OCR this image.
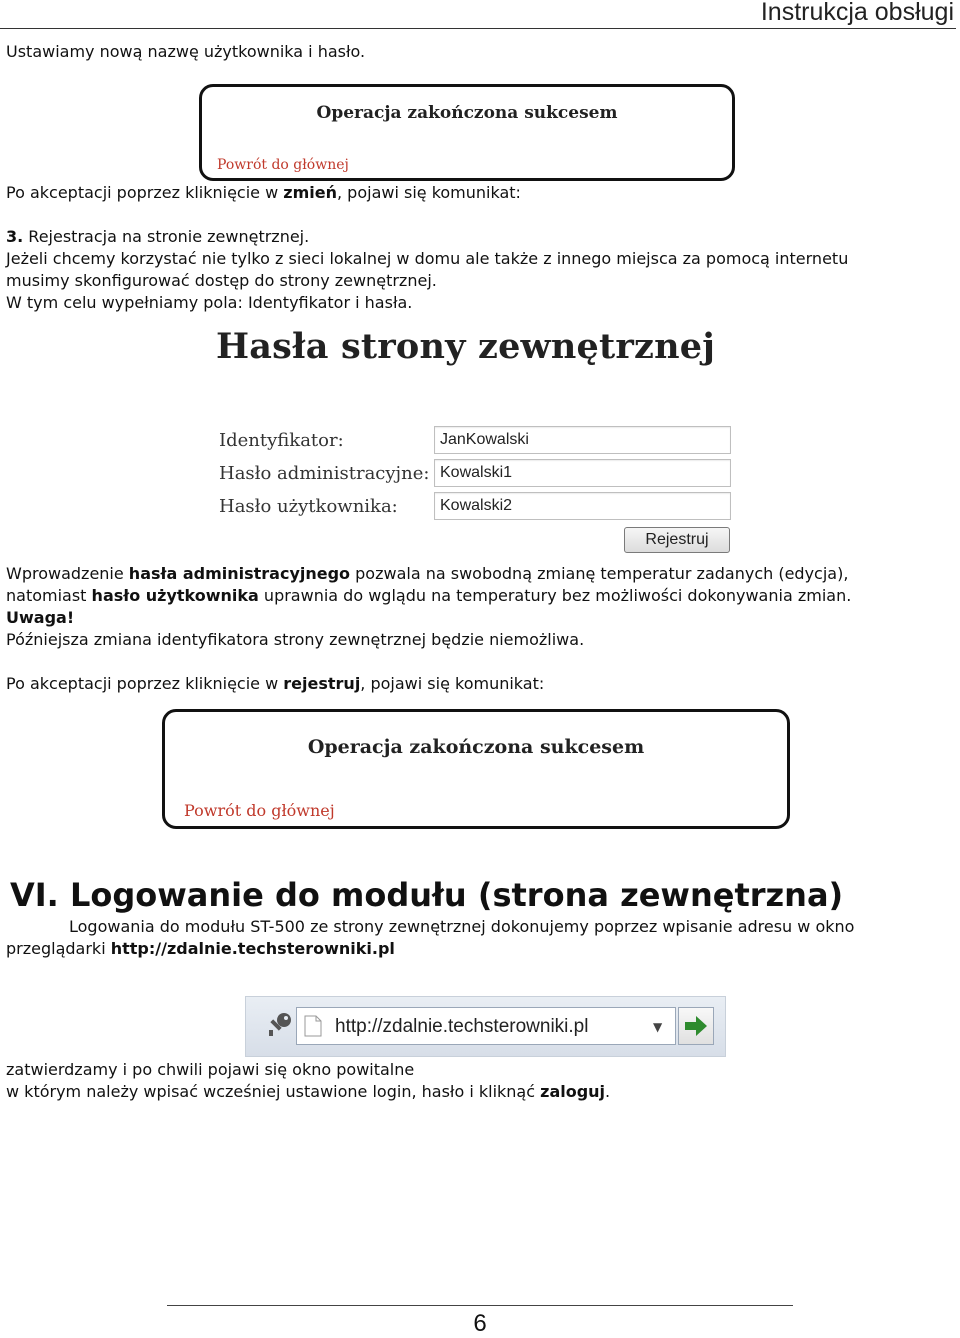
Instrukcja obsługi
Ustawiamy nową nazwę użytkownika i hasło.
Operacja zakończona sukcesem
Powrót do głównej
Po akceptacji poprzez kliknięcie w zmień, pojawi się komunikat:
3. Rejestracja na stronie zewnętrznej.
Jeżeli chcemy korzystać nie tylko z sieci lokalnej w domu ale także z innego miejsca za pomocą internetu
musimy skonfigurować dostęp do strony zewnętrznej.
W tym celu wypełniamy pola: Identyfikator i hasła.
Hasła strony zewnętrznej
Identyfikator:	JanKowalski
Hasło administracyjne: Kowalski1
Hasło użytkownika:	Kowalski2
Rejestruj
Wprowadzenie hasła administracyjnego pozwala na swobodną zmianę temperatur zadanych (edycja),
natomiast hasło użytkownika uprawnia do wglądu na temperatury bez możliwości dokonywania zmian.
Uwaga!
Późniejsza zmiana identyfikatora strony zewnętrznej będzie niemożliwa.
Po akceptacji poprzez kliknięcie w rejestruj, pojawi się komunikat:
Operacja zakończona sukcesem
Powrót do głównej
VI. Logowanie do modułu (strona zewnętrzna)
Logowania do modułu ST-500 ze strony zewnętrznej dokonujemy poprzez wpisanie adresu w okno
przeglądarki http://zdalnie.techsterowniki.pl
http://zdalnie.techsterowniki.pl	▼
zatwierdzamy i po chwili pojawi się okno powitalne
w którym należy wpisać wcześniej ustawione login, hasło i kliknąć zaloguj.
6
